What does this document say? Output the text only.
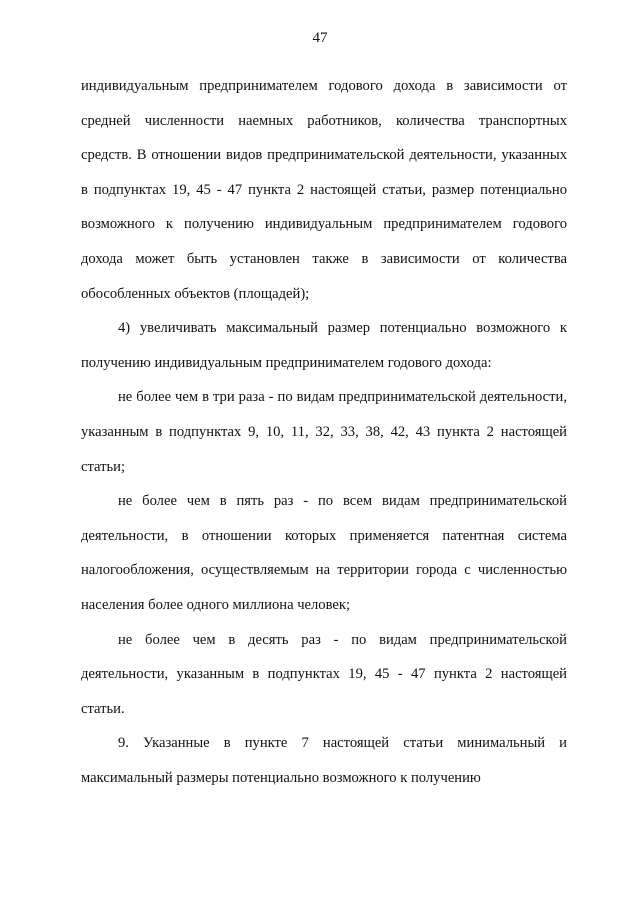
47

индивидуальным предпринимателем годового дохода в зависимости от средней численности наемных работников, количества транспортных средств. В отношении видов предпринимательской деятельности, указанных в подпунктах 19, 45 - 47 пункта 2 настоящей статьи, размер потенциально возможного к получению индивидуальным предпринимателем годового дохода может быть установлен также в зависимости от количества обособленных объектов (площадей);

4) увеличивать максимальный размер потенциально возможного к получению индивидуальным предпринимателем годового дохода:

не более чем в три раза - по видам предпринимательской деятельности, указанным в подпунктах 9, 10, 11, 32, 33, 38, 42, 43 пункта 2 настоящей статьи;

не более чем в пять раз - по всем видам предпринимательской деятельности, в отношении которых применяется патентная система налогообложения, осуществляемым на территории города с численностью населения более одного миллиона человек;

не более чем в десять раз - по видам предпринимательской деятельности, указанным в подпунктах 19, 45 - 47 пункта 2 настоящей статьи.

9. Указанные в пункте 7 настоящей статьи минимальный и максимальный размеры потенциально возможного к получению
